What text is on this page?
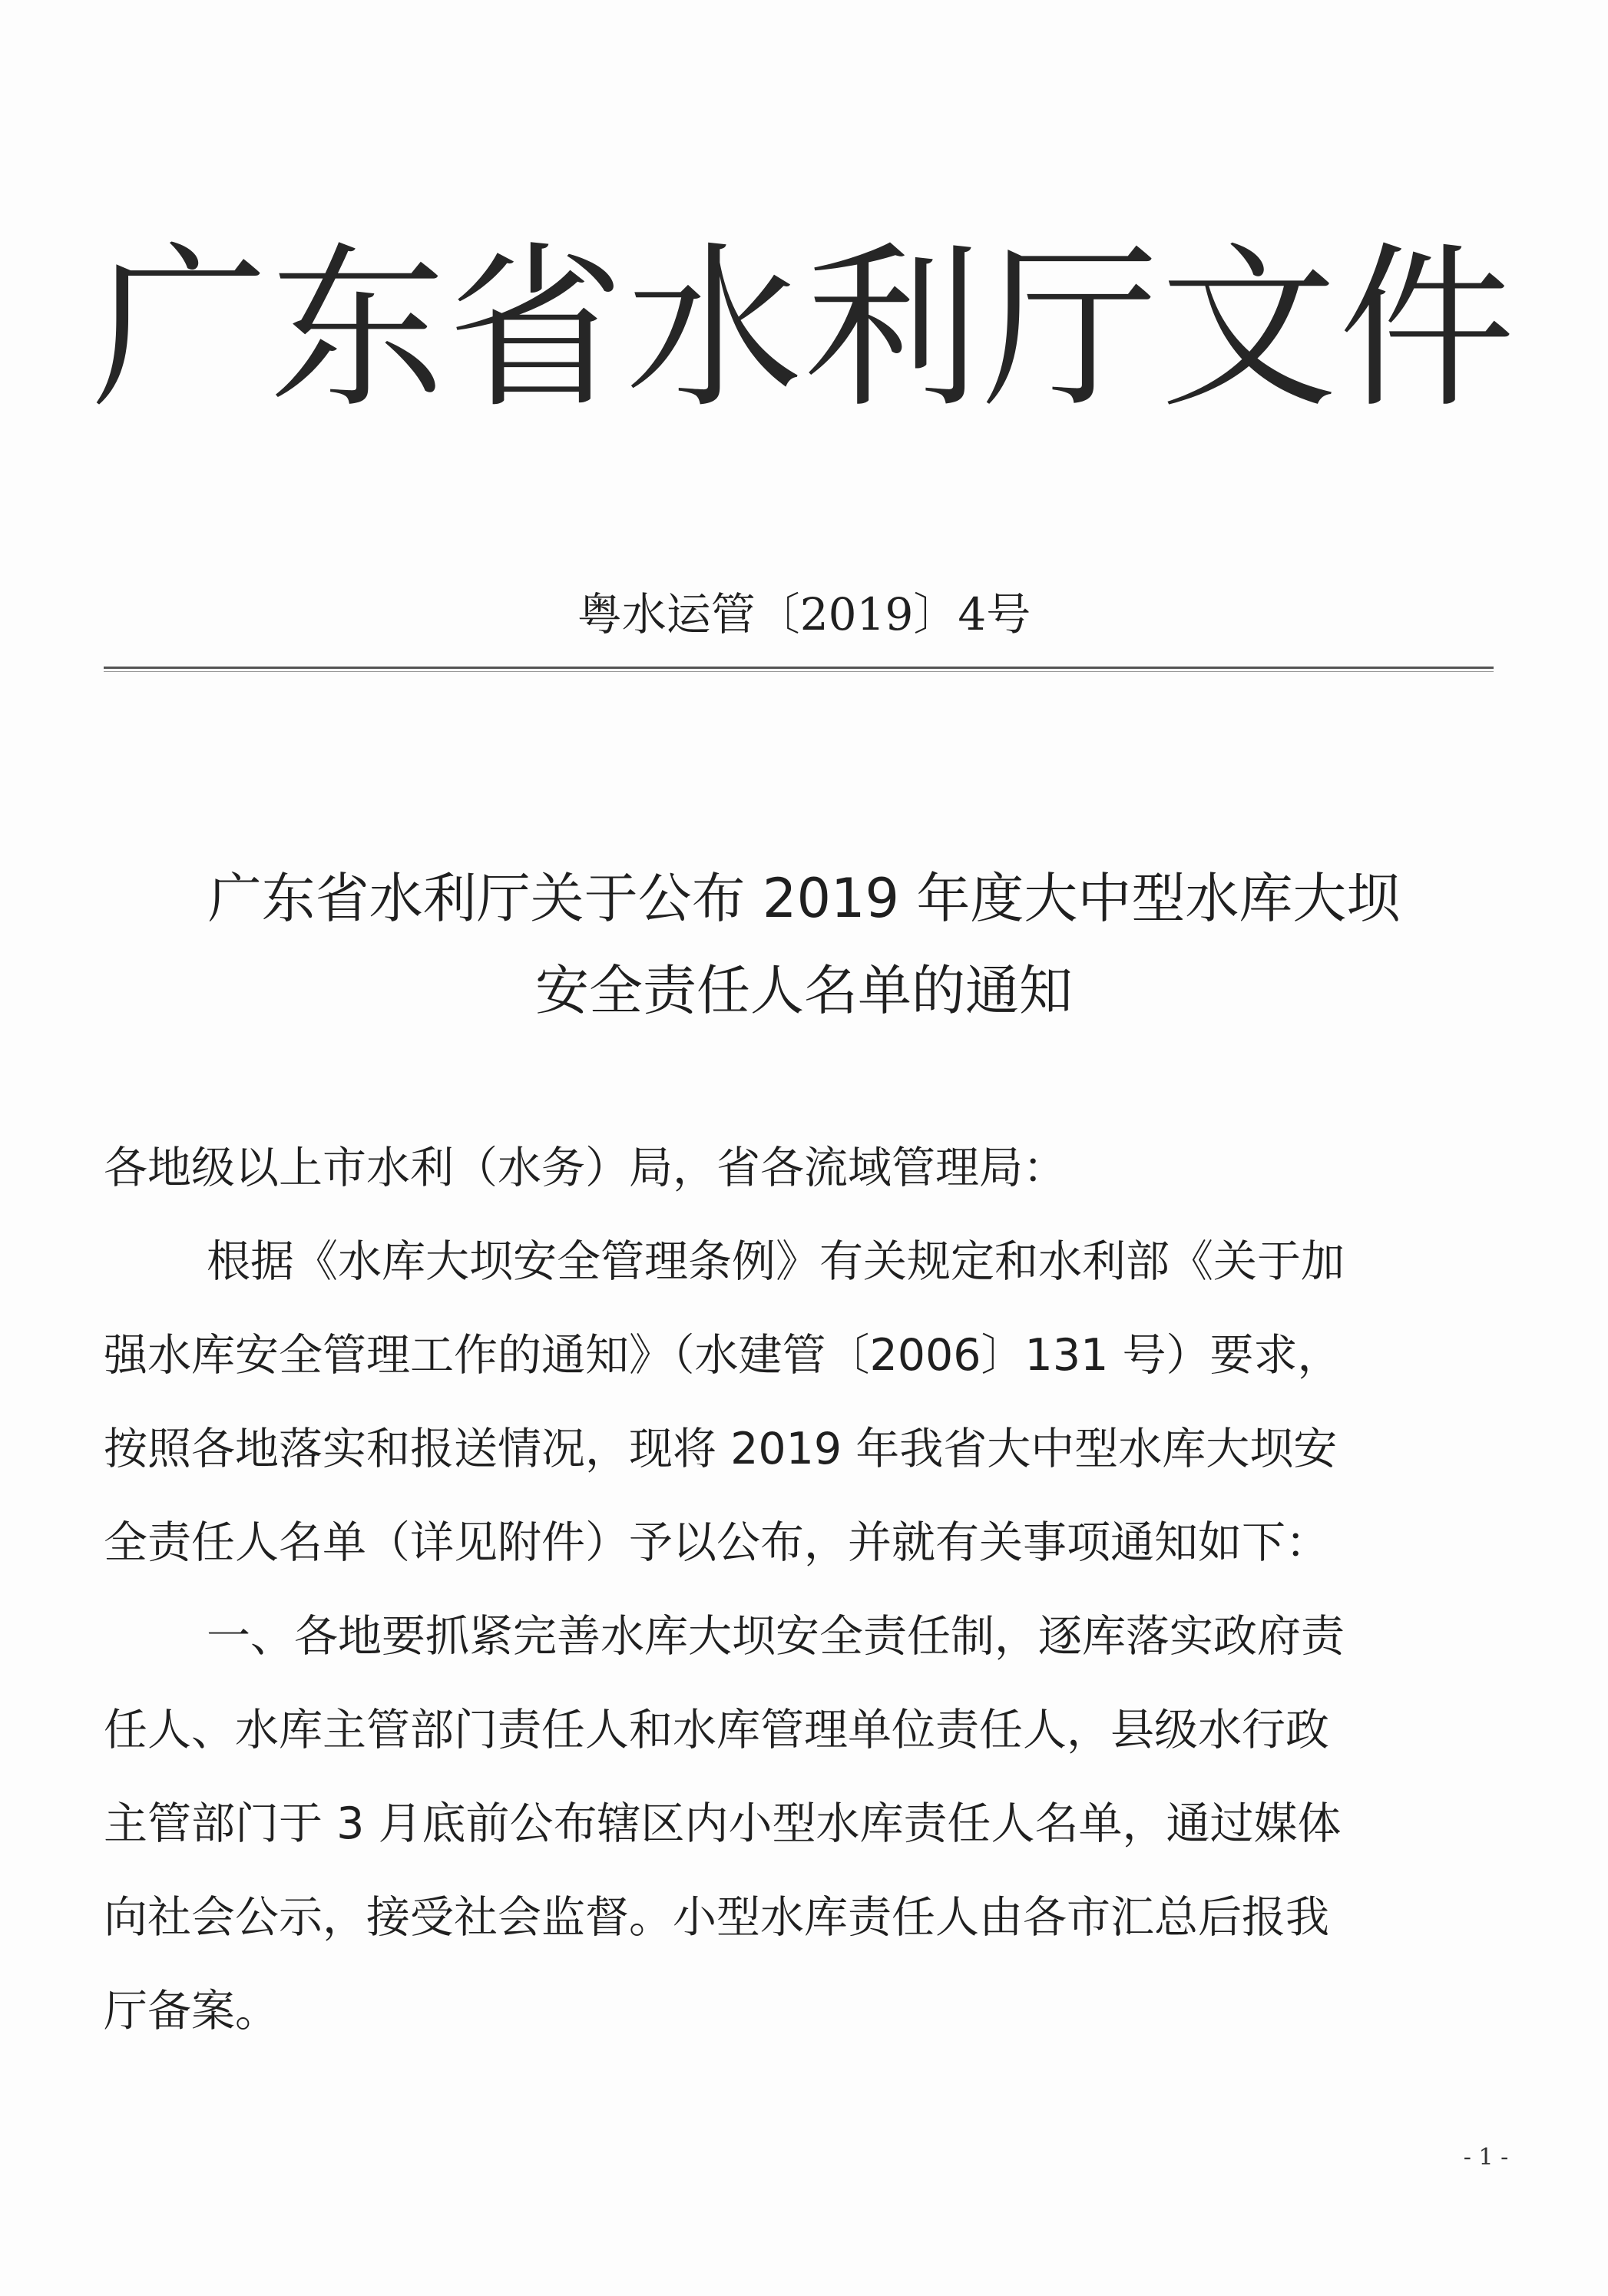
广东省水利厅文件
粤水运管〔2019〕4号
广东省水利厅关于公布 2019 年度大中型水库大坝
安全责任人名单的通知
各地级以上市水利（水务）局，省各流域管理局：
根据《水库大坝安全管理条例》有关规定和水利部《关于加
强水库安全管理工作的通知》（水建管〔2006〕131 号）要求，
按照各地落实和报送情况，现将 2019 年我省大中型水库大坝安
全责任人名单（详见附件）予以公布，并就有关事项通知如下：
一、各地要抓紧完善水库大坝安全责任制，逐库落实政府责
任人、水库主管部门责任人和水库管理单位责任人，县级水行政
主管部门于 3 月底前公布辖区内小型水库责任人名单，通过媒体
向社会公示，接受社会监督。小型水库责任人由各市汇总后报我
厅备案。
- 1 -
